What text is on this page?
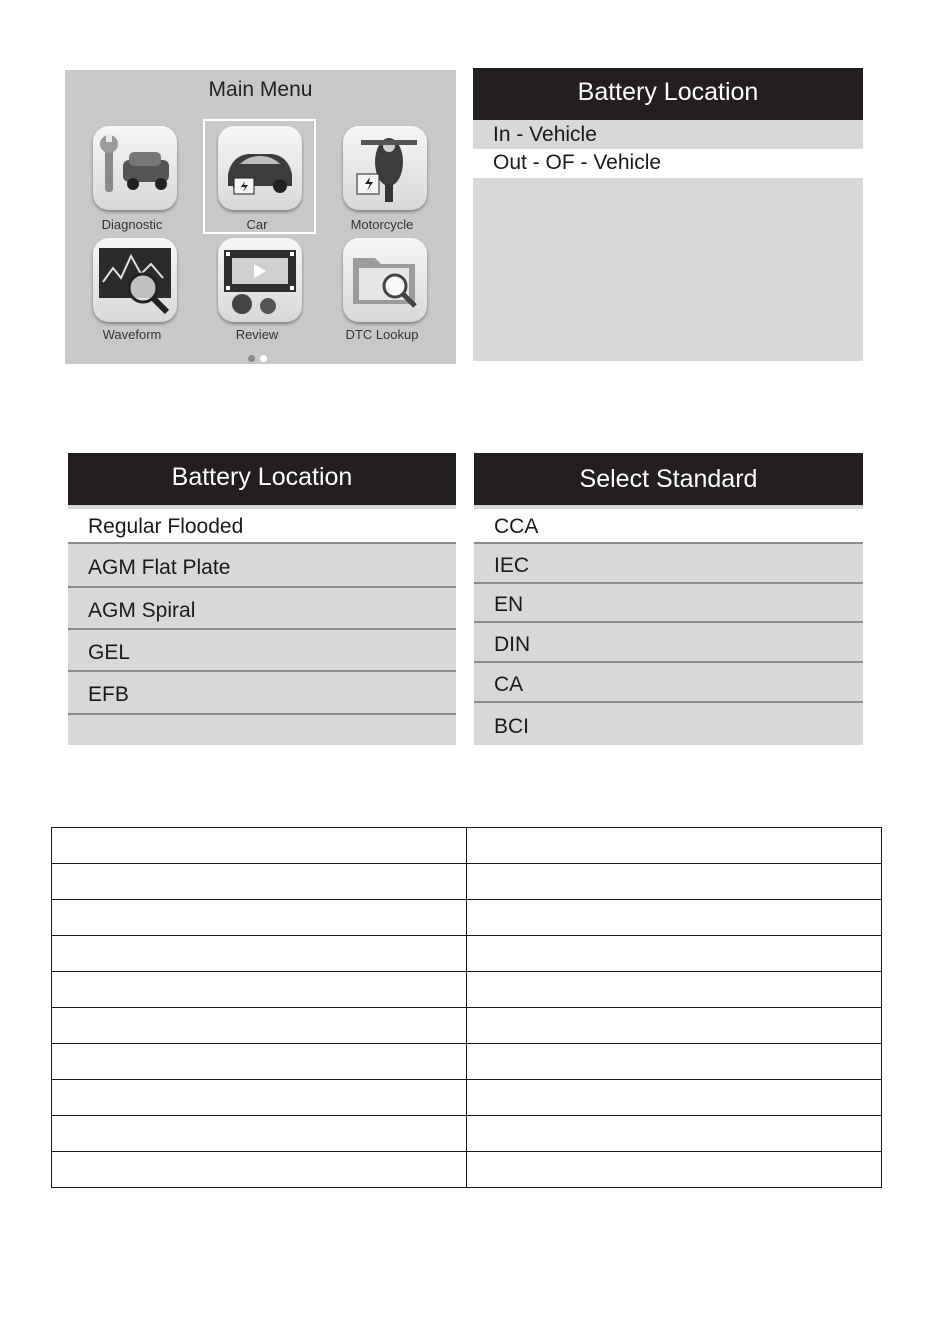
Main Menu
Diagnostic	Car	Motorcycle
Waveform	Review	DTC Lookup
Battery Location
In - Vehicle
Out - OF - Vehicle
Battery Location
Regular Flooded
AGM Flat Plate
AGM Spiral
GEL
EFB
Select Standard
CCA
IEC
EN
DIN
CA
BCI
